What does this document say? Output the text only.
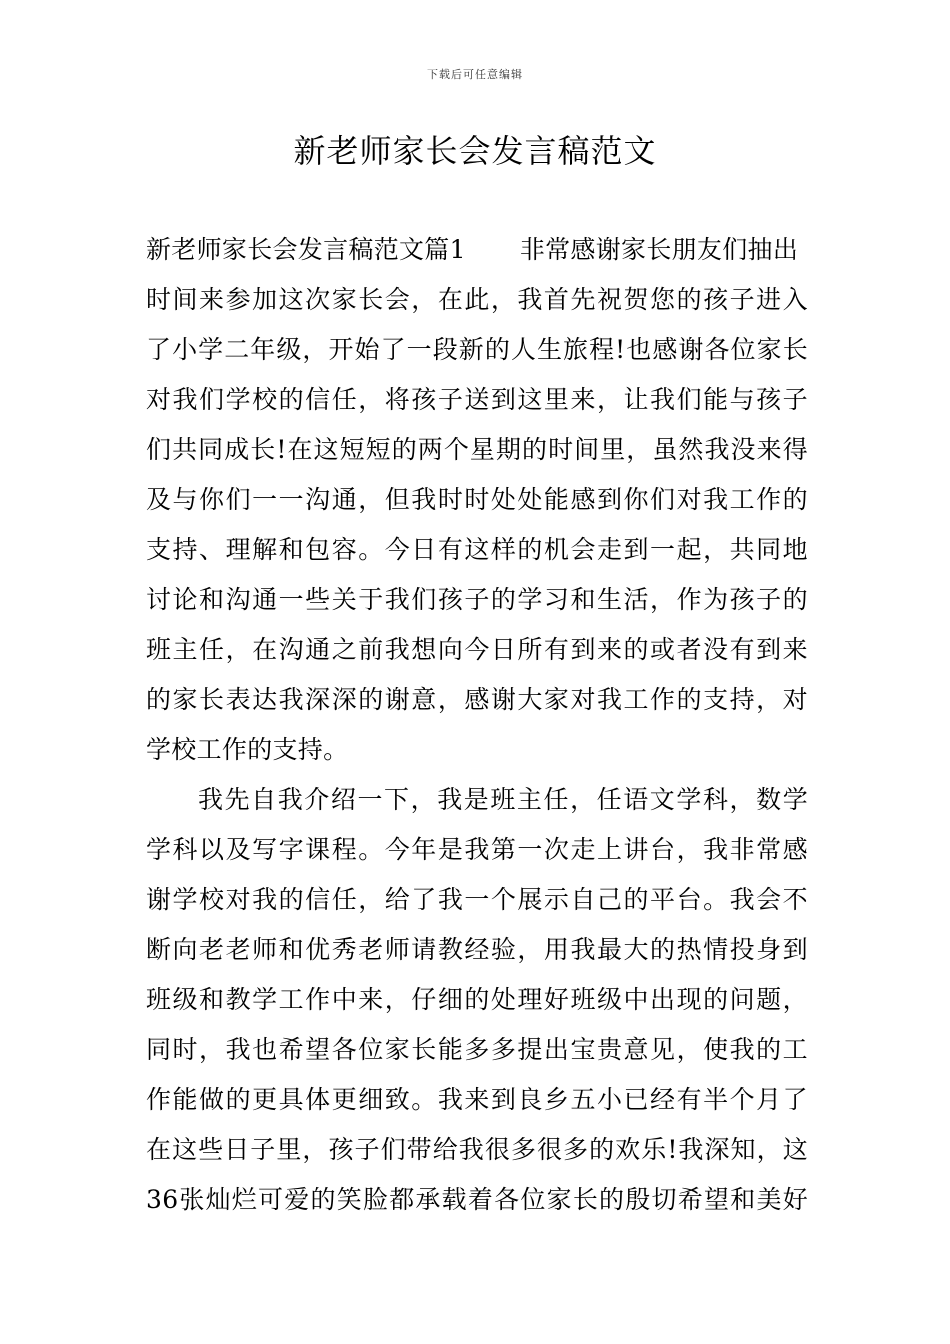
下载后可任意编辑
新老师家长会发言稿范文
新老师家长会发言稿范文篇1 非常感谢家长朋友们抽出
时间来参加这次家长会，在此，我首先祝贺您的孩子进入
了小学二年级，开始了一段新的人生旅程!也感谢各位家长
对我们学校的信任，将孩子送到这里来，让我们能与孩子
们共同成长!在这短短的两个星期的时间里，虽然我没来得
及与你们一一沟通，但我时时处处能感到你们对我工作的
支持、理解和包容。今日有这样的机会走到一起，共同地
讨论和沟通一些关于我们孩子的学习和生活，作为孩子的
班主任，在沟通之前我想向今日所有到来的或者没有到来
的家长表达我深深的谢意，感谢大家对我工作的支持，对
学校工作的支持。
我先自我介绍一下，我是班主任，任语文学科，数学
学科以及写字课程。今年是我第一次走上讲台，我非常感
谢学校对我的信任，给了我一个展示自己的平台。我会不
断向老老师和优秀老师请教经验，用我最大的热情投身到
班级和教学工作中来，仔细的处理好班级中出现的问题，
同时，我也希望各位家长能多多提出宝贵意见，使我的工
作能做的更具体更细致。我来到良乡五小已经有半个月了
在这些日子里，孩子们带给我很多很多的欢乐!我深知，这
36张灿烂可爱的笑脸都承载着各位家长的殷切希望和美好
